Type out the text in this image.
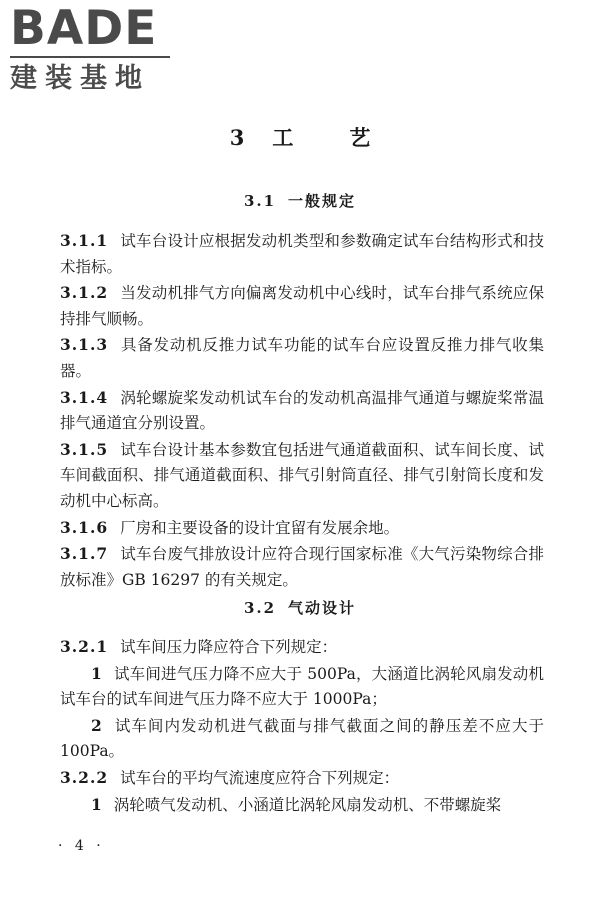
BADE
建装基地
3 工	艺
3.1 一般规定

3.1.1 试车台设计应根据发动机类型和参数确定试车台结构形式和技术指标。

3.1.2 当发动机排气方向偏离发动机中心线时，试车台排气系统应保持排气顺畅。

3.1.3 具备发动机反推力试车功能的试车台应设置反推力排气收集器。

3.1.4 涡轮螺旋桨发动机试车台的发动机高温排气通道与螺旋桨常温排气通道宜分别设置。

3.1.5 试车台设计基本参数宜包括进气通道截面积、试车间长度、试车间截面积、排气通道截面积、排气引射筒直径、排气引射筒长度和发动机中心标高。

3.1.6 厂房和主要设备的设计宜留有发展余地。

3.1.7 试车台废气排放设计应符合现行国家标准《大气污染物综合排放标准》GB 16297 的有关规定。

3.2 气动设计

3.2.1 试车间压力降应符合下列规定：

1 试车间进气压力降不应大于 500Pa，大涵道比涡轮风扇发动机试车台的试车间进气压力降不应大于 1000Pa；

2 试车间内发动机进气截面与排气截面之间的静压差不应大于 100Pa。

3.2.2 试车台的平均气流速度应符合下列规定：

1 涡轮喷气发动机、小涵道比涡轮风扇发动机、不带螺旋桨

· 4 ·
